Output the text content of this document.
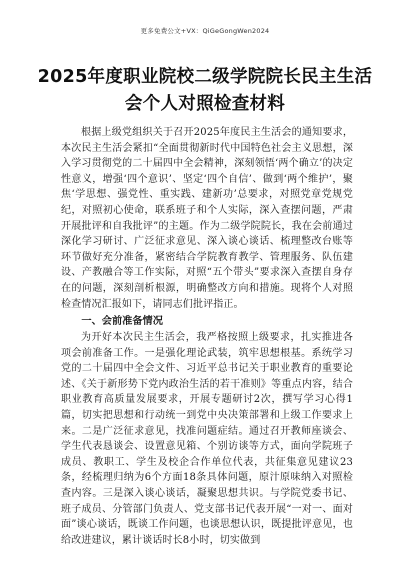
更多免费公文+VX：QiGeGongWen2024
2025年度职业院校二级学院院长民主生活会个人对照检查材料
根据上级党组织关于召开2025年度民主生活会的通知要求，本次民主生活会紧扣“全面贯彻新时代中国特色社会主义思想，深入学习贯彻党的二十届四中全会精神，深刻领悟‘两个确立’的决定性意义，增强‘四个意识’、坚定‘四个自信’、做到‘两个维护’，聚焦‘学思想、强党性、重实践、建新功’总要求，对照党章党规党纪，对照初心使命，联系班子和个人实际，深入查摆问题，严肃开展批评和自我批评”的主题。作为二级学院院长，我在会前通过深化学习研讨、广泛征求意见、深入谈心谈话、梳理整改台账等环节做好充分准备，紧密结合学院教育教学、管理服务、队伍建设、产教融合等工作实际，对照“五个带头”要求深入查摆自身存在的问题，深刻剖析根源，明确整改方向和措施。现将个人对照检查情况汇报如下，请同志们批评指正。
一、会前准备情况
为开好本次民主生活会，我严格按照上级要求，扎实推进各项会前准备工作。一是强化理论武装，筑牢思想根基。系统学习党的二十届四中全会文件、习近平总书记关于职业教育的重要论述、《关于新形势下党内政治生活的若干准则》等重点内容，结合职业教育高质量发展要求，开展专题研讨2次，撰写学习心得1篇，切实把思想和行动统一到党中央决策部署和上级工作要求上来。二是广泛征求意见，找准问题症结。通过召开教师座谈会、学生代表恳谈会、设置意见箱、个别访谈等方式，面向学院班子成员、教职工、学生及校企合作单位代表，共征集意见建议23条，经梳理归纳为6个方面18条具体问题，原汁原味纳入对照检查内容。三是深入谈心谈话，凝聚思想共识。与学院党委书记、班子成员、分管部门负责人、党支部书记代表开展“一对一、面对面”谈心谈话，既谈工作问题，也谈思想认识，既提批评意见，也给改进建议，累计谈话时长8小时，切实做到
